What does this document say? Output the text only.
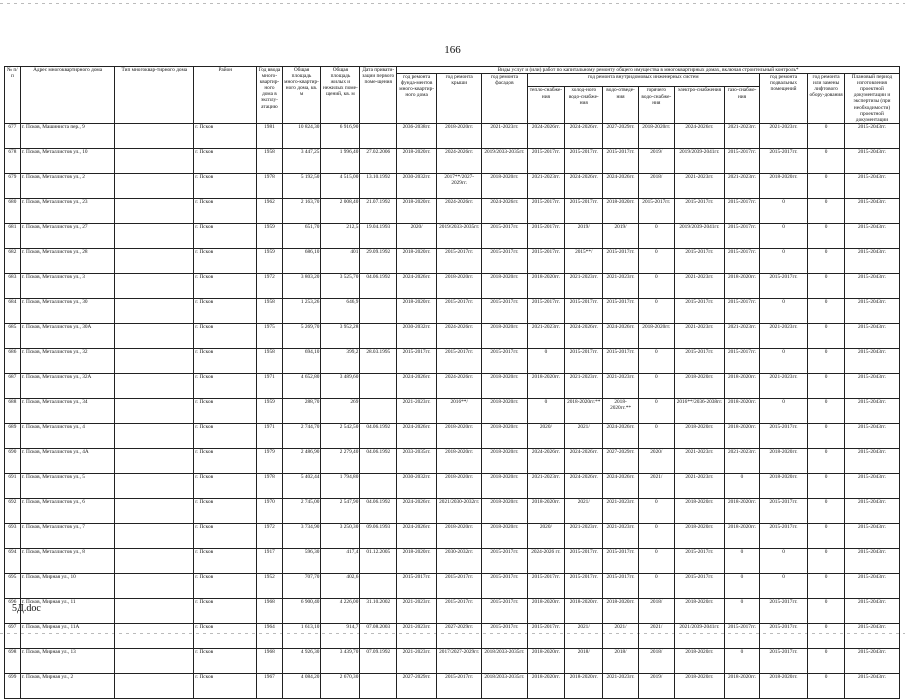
166
№ п/п	Адрес многоквартирного дома	Тип многоквар-тирного дома	Район	Год ввода много-квартир-ного дома в эксплу-атацию	Общая площадь много-квартир-ного дома, кв. м	Общая площадь жилых и нежилых поме-щений, кв. м	Дата привати-зации первого поме-щения	Виды услуг и (или) работ по капитальному ремонту общего имущества в многоквартирных домах, включая строительный контроль*											
								год ремонта фунда-ментов много-квартир-ного дома	год ремонта крыши	год ремонта фасадов	год ремонта внутридомовых инженерных систем						год ремонта подвальных помещений	год ремонта или замены лифтового обору-дования	Плановый период изготовления проектной документации и экспертизы (при необходимости) проектной документации
											тепло-снабже-ния	холод-ного водо-снабже-ния	водо-отведе-ния	горячего водо-снабже-ния	электро-снабжения	газо-снабже-ния			
677	г. Псков, Машиниста пер., 9		г. Псков	1981	10 824,30	6 916,90		2036-2038гг.	2018-2020гг.	2021-2023гг.	2024-2026гг.	2024-2026гг.	2027-2029гг.	2018-2020гг.	2024-2026гг.	2021-2023гг.	2021-2023гг.	0	2015-2043гг.
678	г. Псков, Металлистов ул., 10		г. Псков	1958	3 447,25	1 996,40	27.02.2006	2018-2020гг.	2024-2026гг.	2019/2033-2035гг.	2015-2017гг.	2015-2017гг.	2015-2017гг.	2019/	2019/2039-2041гг.	2015-2017гг.	2015-2017гг.	0	2015-2043гг.
679	г. Псков, Металлистов ул., 2		г. Псков	1978	5 192,50	4 515,00	13.10.1992	2030-2032гг.	2017**/2027-2029гг.	2018-2020гг.	2021-2023гг.	2024-2026гг.	2024-2026гг.	2018/	2021-2023гг.	2021-2023гг.	2018-2020гг.	0	2015-2043гг.
680	г. Псков, Металлистов ул., 23		г. Псков	1962	2 163,70	2 008,40	21.07.1992	2018-2020гг.	2024-2026гг.	2024-2026гг.	2015-2017гг.	2015-2017гг.	2018-2020гг.	2015-2017гг.	2015-2017гг.	2015-2017гг.	0	0	2015-2043гг.
681	г. Псков, Металлистов ул., 27		г. Псков	1959	651,70	212,5	19.04.1993	2020/	2019/2033-2035гг.	2015-2017гг.	2015-2017гг.	2019/	2019/	0	2019/2039-2041гг.	2015-2017гг.	0	0	2015-2043гг.
682	г. Псков, Металлистов ул., 28		г. Псков	1959	686,10	401	29.09.1992	2018-2020гг.	2015-2017гг.	2015-2017гг.	2015-2017гг.	2015**/	2015-2017гг.	0	2015-2017гг.	2015-2017гг.	0	0	2015-2043гг.
683	г. Псков, Металлистов ул., 3		г. Псков	1972	3 803,20	3 525,70	04.06.1992	2024-2026гг.	2018-2020гг.	2018-2020гг.	2018-2020гг.	2021-2023гг.	2021-2023гг.	0	2021-2023гг.	2018-2020гг.	2015-2017гг.	0	2015-2043гг.
684	г. Псков, Металлистов ул., 30		г. Псков	1958	1 253,26	646,9		2018-2020гг.	2015-2017гг.	2015-2017гг.	2015-2017гг.	2015-2017гг.	2015-2017гг.	0	2015-2017гг.	2015-2017гг.	0	0	2015-2043гг.
685	г. Псков, Металлистов ул., 30А		г. Псков	1975	5 269,70	3 952,28		2030-2032гг.	2024-2026гг.	2018-2020гг.	2021-2023гг.	2024-2026гг.	2024-2026гг.	2018-2020гг.	2021-2023гг.	2021-2023гг.	2021-2023гг.	0	2015-2043гг.
686	г. Псков, Металлистов ул., 32		г. Псков	1958	694,10	399,2	28.03.1995	2015-2017гг.	2015-2017гг.	2015-2017гг.	0	2015-2017гг.	2015-2017гг.	0	2015-2017гг.	2015-2017гг.	0	0	2015-2043гг.
687	г. Псков, Металлистов ул., 32А		г. Псков	1971	4 652,80	3 489,60		2024-2026гг.	2024-2026гг.	2018-2020гг.	2018-2020гг.	2021-2023гг.	2021-2023гг.	0	2018-2020гг.	2018-2020гг.	2021-2023гг.	0	2015-2043гг.
688	г. Псков, Металлистов ул., 34		г. Псков	1959	288,70	269		2021-2023гг.	2016**/	2018-2020гг.	0	2018-2020гг.**	2018-2020гг.**	0	2016**/2036-2038гг.	2018-2020гг.	0	0	2015-2043гг.
689	г. Псков, Металлистов ул., 4		г. Псков	1971	2 744,70	2 542,50	04.06.1992	2024-2026гг.	2018-2020гг.	2018-2020гг.	2020/	2021/	2024-2026гг.	0	2018-2020гг.	2018-2020гг.	2015-2017гг.	0	2015-2043гг.
690	г. Псков, Металлистов ул., 4А		г. Псков	1979	2 486,90	2 279,40	04.06.1992	2033-2035гг.	2018-2020гг.	2018-2020гг.	2024-2026гг.	2024-2026гг.	2027-2029гг.	2020/	2021-2023гг.	2021-2023гг.	2018-2020гг.	0	2015-2043гг.
691	г. Псков, Металлистов ул., 5		г. Псков	1978	5 402,44	1 794,80		2030-2032гг.	2018-2020гг.	2018-2020гг.	2021-2023гг.	2024-2026гг.	2024-2026гг.	2021/	2021-2023гг.	0	2018-2020гг.	0	2015-2043гг.
692	г. Псков, Металлистов ул., 6		г. Псков	1970	2 745,00	2 547,90	04.06.1992	2024-2026гг.	2021/2030-2032гг.	2018-2020гг.	2018-2020гг.	2021/	2021-2023гг.	0	2018-2020гг.	2018-2020гг.	2015-2017гг.	0	2015-2043гг.
693	г. Псков, Металлистов ул., 7		г. Псков	1972	3 734,90	3 250,30	09.06.1993	2024-2026гг.	2018-2020гг.	2018-2020гг.	2020/	2021-2023гг.	2021-2023гг.	0	2018-2020гг.	2018-2020гг.	2015-2017гг.	0	2015-2043гг.
694	г. Псков, Металлистов ул., 8		г. Псков	1917	596,30	417,4	01.12.2005	2018-2020гг.	2030-2032гг.	2015-2017гг.	2024-2026 гг.	2015-2017гг.	2015-2017гг.	0	2015-2017гг.	0	0	0	2015-2043гг.
695	г. Псков, Мирная ул., 10		г. Псков	1952	707,70	402,6		2015-2017гг.	2015-2017гг.	2015-2017гг.	2015-2017гг.	2015-2017гг.	2015-2017гг.	0	2015-2017гг.	0	0	0	2015-2043гг.
696	г. Псков, Мирная ул., 11		г. Псков	1968	6 900,40	4 226,00	31.10.2002	2021-2023гг.	2015-2017гг.	2015-2017гг.	2018-2020гг.	2018-2020гг.	2018-2020гг.	2018/	2018-2020гг.	0	2015-2017гг.	0	2015-2043гг.
697	г. Псков, Мирная ул., 11А		г. Псков	1964	1 613,10	914,7	07.08.2003	2021-2023гг.	2027-2029гг.	2015-2017гг.	2015-2017гг.	2021/	2021/	2021/	2021/2039-2041гг.	2015-2017гг.	2015-2017гг.	0	2015-2043гг.
698	г. Псков, Мирная ул., 13		г. Псков	1968	4 926,30	3 439,70	07.09.1992	2021-2023гг.	2017/2027-2029гг.	2018/2033-2035гг.	2018-2020гг.	2018/	2018/	2018/	2018-2020гг.	0	2015-2017гг.	0	2015-2043гг.
699	г. Псков, Мирная ул., 2		г. Псков	1967	4 084,20	2 670,30		2027-2029гг.	2015-2017гг.	2018/2033-2035гг.	2018-2020гг.	2018-2020гг.	2021-2023гг.	2019/	2018-2020гг.	2018-2020гг.	2018-2020гг.	0	2015-2043гг.
5Д.doc
